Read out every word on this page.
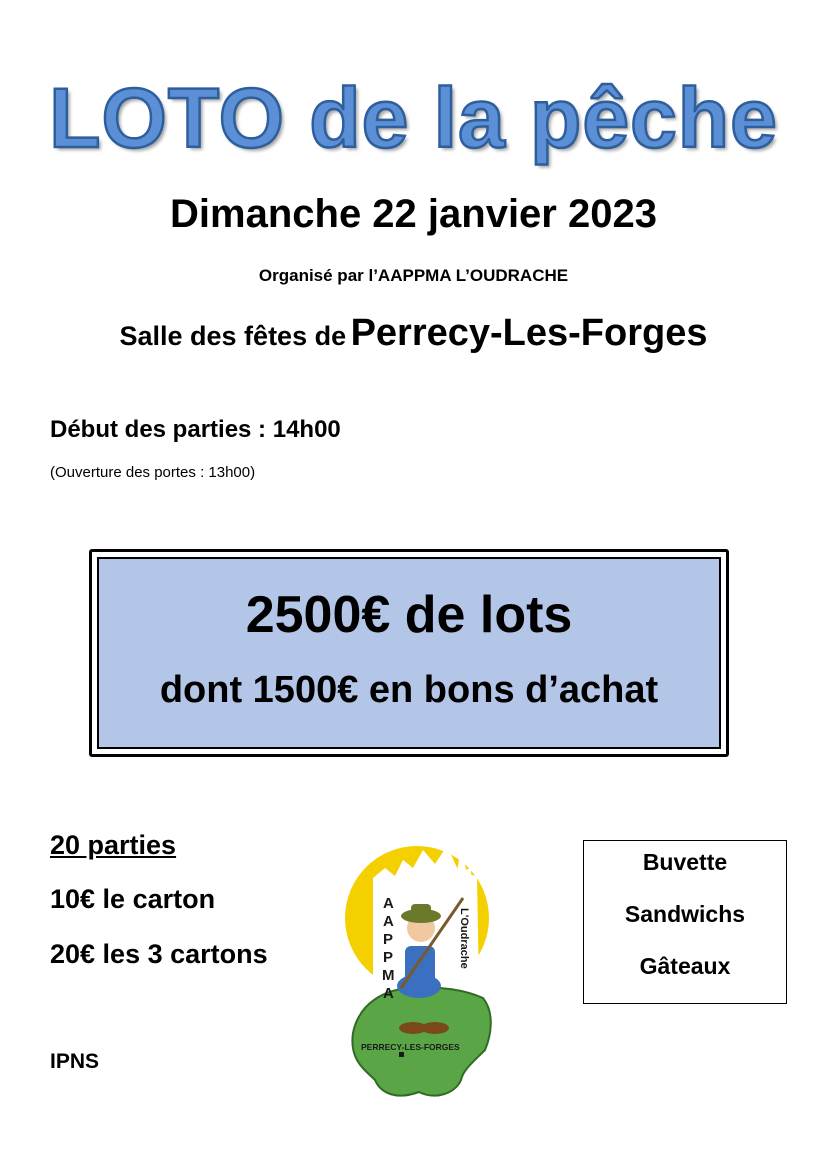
LOTO de la pêche
Dimanche 22 janvier 2023
Organisé par l’AAPPMA L’OUDRACHE
Salle des fêtes de Perrecy-Les-Forges
Début des parties : 14h00
(Ouverture des portes : 13h00)
2500€ de lots
dont 1500€ en bons d’achat
20 parties
10€ le carton
20€ les 3 cartons
IPNS
A
A
P
P
M
A
L'Oudrache
PERRECY-LES-FORGES
Buvette
Sandwichs
Gâteaux
